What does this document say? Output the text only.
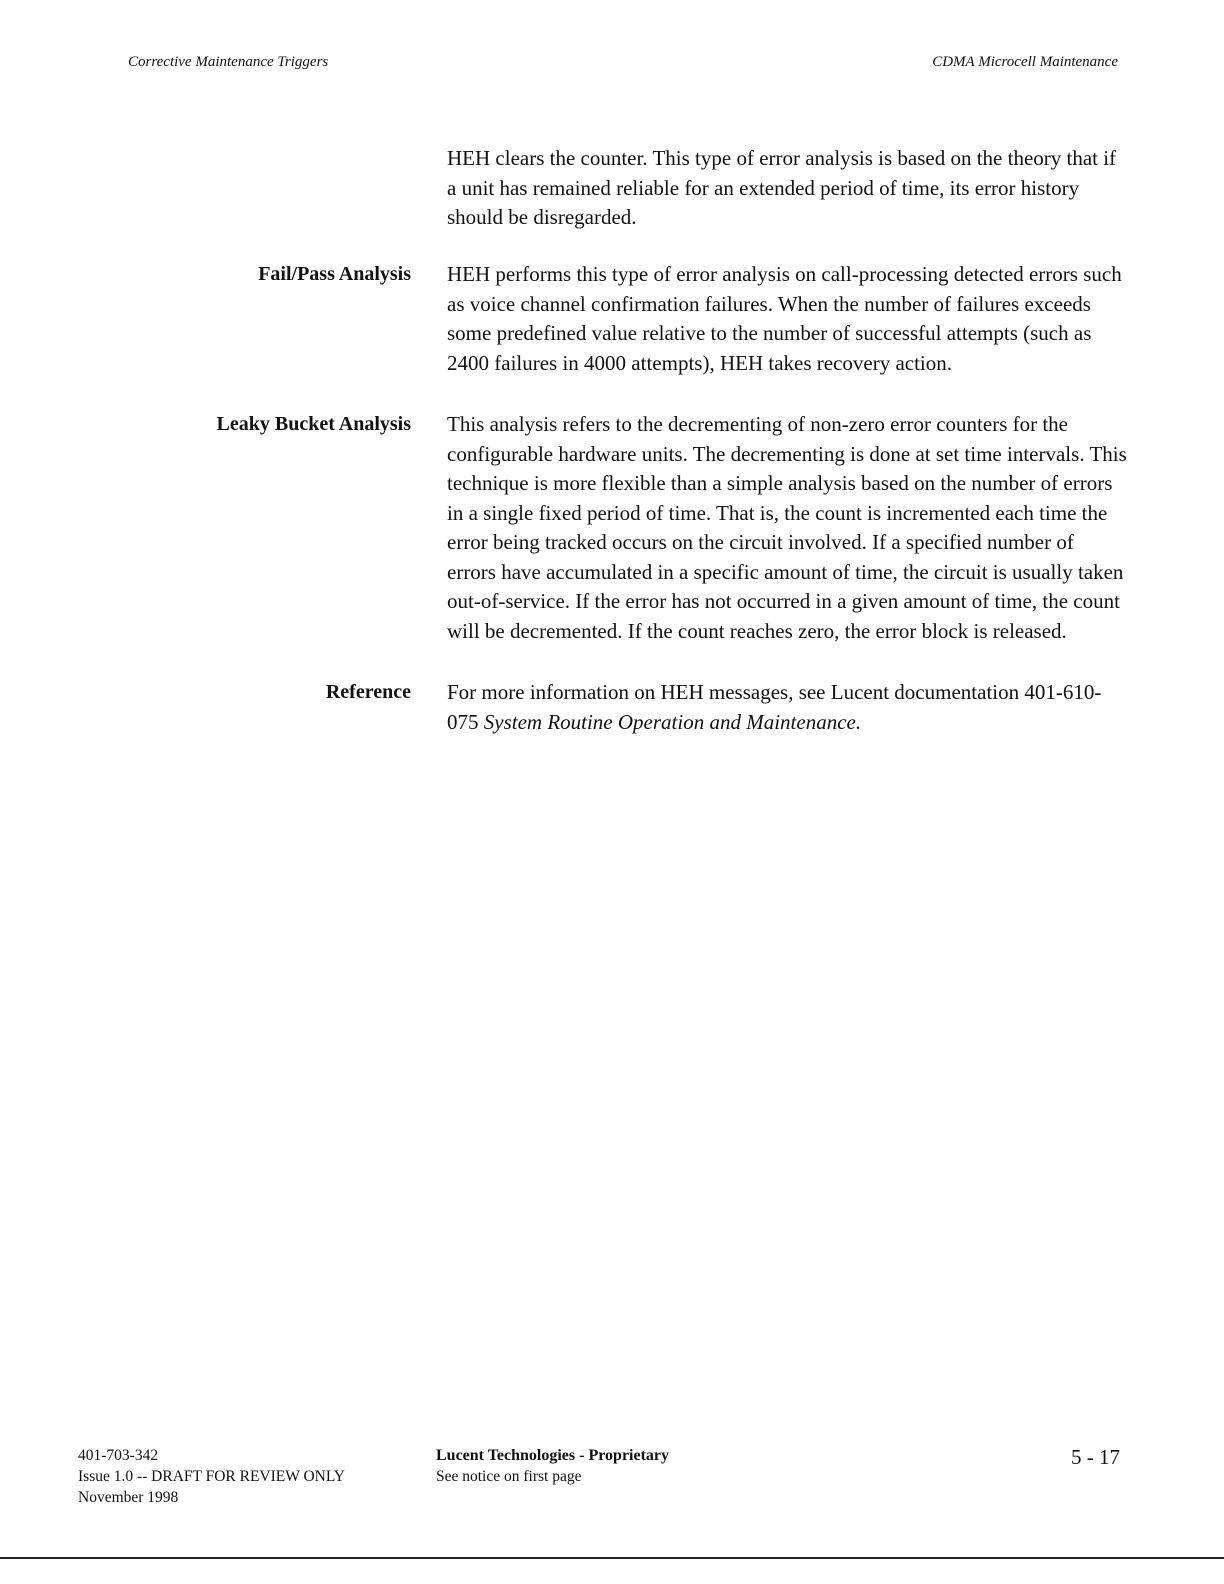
Corrective Maintenance Triggers	CDMA Microcell Maintenance

HEH clears the counter. This type of error analysis is based on the theory that if a unit has remained reliable for an extended period of time, its error history should be disregarded.

Fail/Pass Analysis HEH performs this type of error analysis on call-processing detected errors such as voice channel confirmation failures. When the number of failures exceeds some predefined value relative to the number of successful attempts (such as 2400 failures in 4000 attempts), HEH takes recovery action.
Leaky Bucket Analysis This analysis refers to the decrementing of non-zero error counters for the configurable hardware units. The decrementing is done at set time intervals. This technique is more flexible than a simple analysis based on the number of errors in a single fixed period of time. That is, the count is incremented each time the error being tracked occurs on the circuit involved. If a specified number of errors have accumulated in a specific amount of time, the circuit is usually taken out-of-service. If the error has not occurred in a given amount of time, the count will be decremented. If the count reaches zero, the error block is released.
Reference For more information on HEH messages, see Lucent documentation 401-610-075 System Routine Operation and Maintenance.
401-703-342
Issue 1.0 -- DRAFT FOR REVIEW ONLY
November 1998
Lucent Technologies - Proprietary
See notice on first page
5 - 17
